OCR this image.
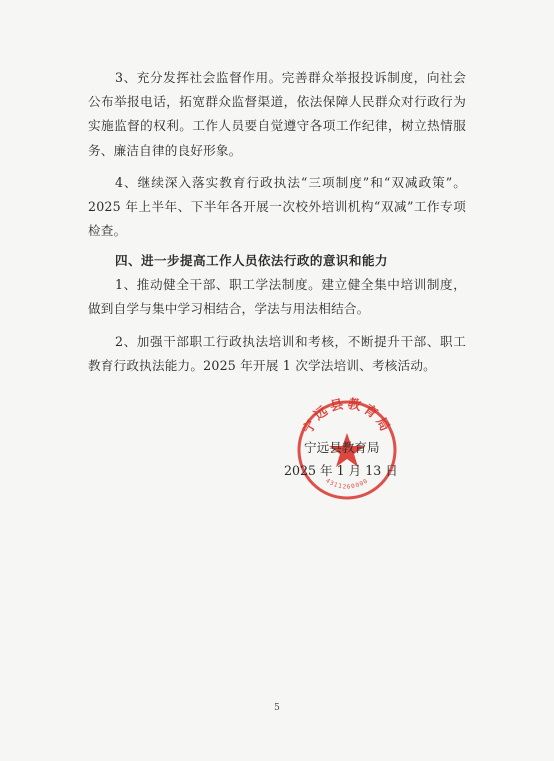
3、充分发挥社会监督作用。完善群众举报投诉制度，向社会公布举报电话，拓宽群众监督渠道，依法保障人民群众对行政行为实施监督的权利。工作人员要自觉遵守各项工作纪律，树立热情服务、廉洁自律的良好形象。

4、继续深入落实教育行政执法“三项制度”和“双减政策”。2025 年上半年、下半年各开展一次校外培训机构“双减”工作专项检查。

四、进一步提高工作人员依法行政的意识和能力

1、推动健全干部、职工学法制度。建立健全集中培训制度，做到自学与集中学习相结合，学法与用法相结合。

2、加强干部职工行政执法培训和考核，不断提升干部、职工教育行政执法能力。2025 年开展 1 次学法培训、考核活动。

宁远县教育局
4311260000
宁远县教育局
2025 年 1 月 13 日
5
